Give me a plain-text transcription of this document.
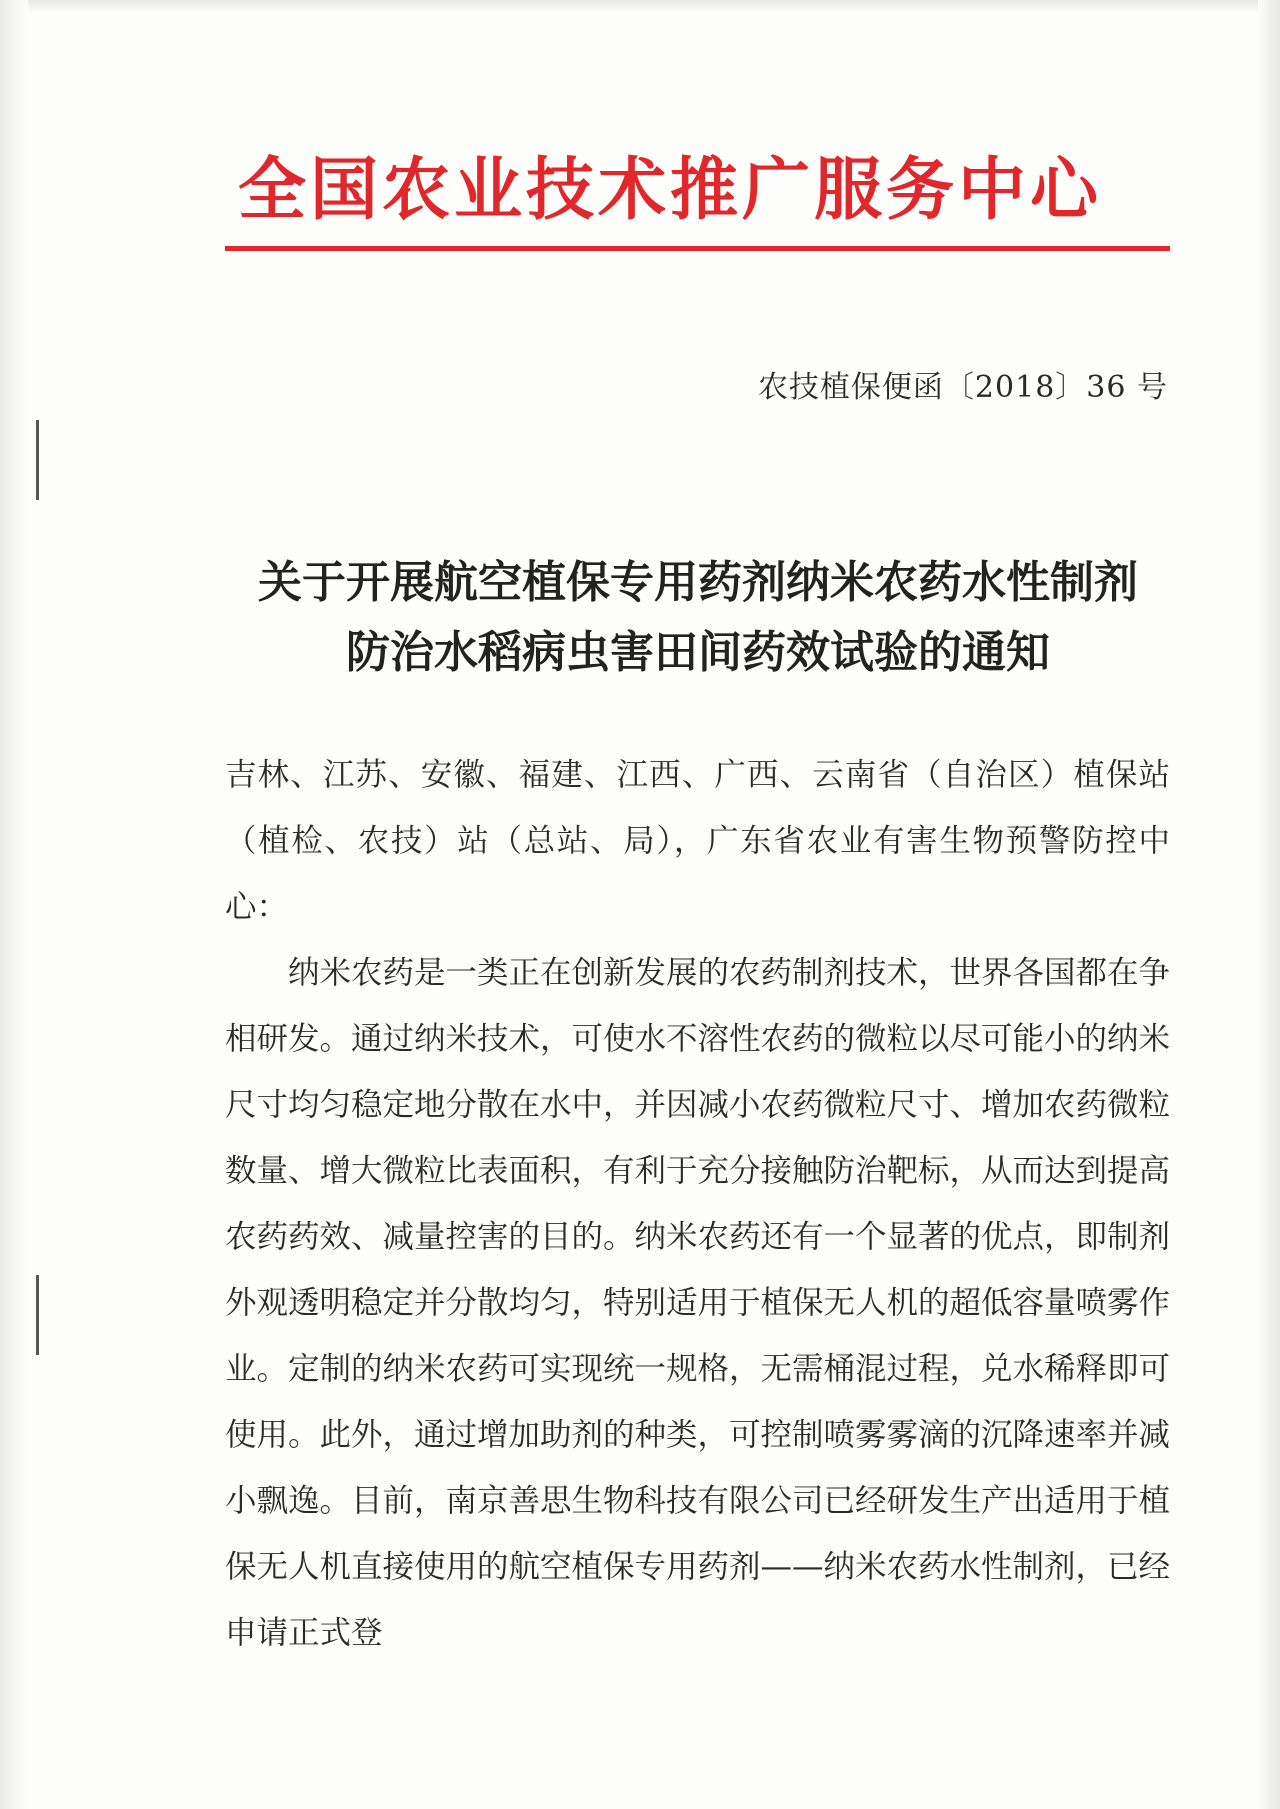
全国农业技术推广服务中心
农技植保便函〔2018〕36 号
关于开展航空植保专用药剂纳米农药水性制剂
防治水稻病虫害田间药效试验的通知

吉林、江苏、安徽、福建、江西、广西、云南省（自治区）植保站（植检、农技）站（总站、局），广东省农业有害生物预警防控中心：

纳米农药是一类正在创新发展的农药制剂技术，世界各国都在争相研发。通过纳米技术，可使水不溶性农药的微粒以尽可能小的纳米尺寸均匀稳定地分散在水中，并因减小农药微粒尺寸、增加农药微粒数量、增大微粒比表面积，有利于充分接触防治靶标，从而达到提高农药药效、减量控害的目的。纳米农药还有一个显著的优点，即制剂外观透明稳定并分散均匀，特别适用于植保无人机的超低容量喷雾作业。定制的纳米农药可实现统一规格，无需桶混过程，兑水稀释即可使用。此外，通过增加助剂的种类，可控制喷雾雾滴的沉降速率并减小飘逸。目前，南京善思生物科技有限公司已经研发生产出适用于植保无人机直接使用的航空植保专用药剂——纳米农药水性制剂，已经申请正式登
